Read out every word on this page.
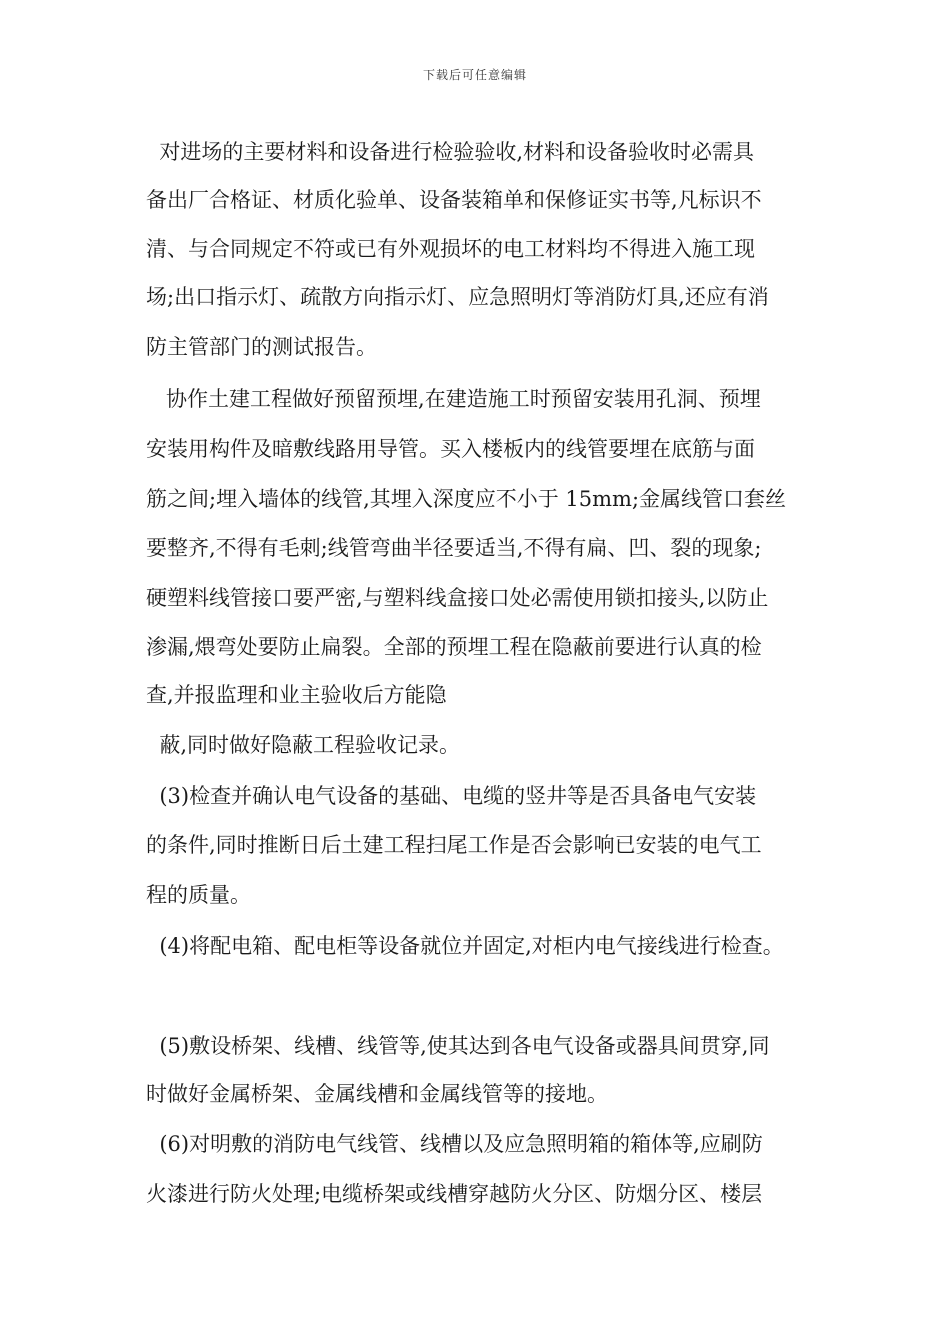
下载后可任意编辑
对进场的主要材料和设备进行检验验收,材料和设备验收时必需具
备出厂合格证、材质化验单、设备装箱单和保修证实书等,凡标识不
清、与合同规定不符或已有外观损坏的电工材料均不得进入施工现
场;出口指示灯、疏散方向指示灯、应急照明灯等消防灯具,还应有消
防主管部门的测试报告。
协作土建工程做好预留预埋,在建造施工时预留安装用孔洞、预埋
安装用构件及暗敷线路用导管。买入楼板内的线管要埋在底筋与面
筋之间;埋入墙体的线管,其埋入深度应不小于 15mm;金属线管口套丝
要整齐,不得有毛刺;线管弯曲半径要适当,不得有扁、凹、裂的现象;
硬塑料线管接口要严密,与塑料线盒接口处必需使用锁扣接头,以防止
渗漏,煨弯处要防止扁裂。全部的预埋工程在隐蔽前要进行认真的检
查,并报监理和业主验收后方能隐
蔽,同时做好隐蔽工程验收记录。
(3)检查并确认电气设备的基础、电缆的竖井等是否具备电气安装
的条件,同时推断日后土建工程扫尾工作是否会影响已安装的电气工
程的质量。
(4)将配电箱、配电柜等设备就位并固定,对柜内电气接线进行检查。
(5)敷设桥架、线槽、线管等,使其达到各电气设备或器具间贯穿,同
时做好金属桥架、金属线槽和金属线管等的接地。
(6)对明敷的消防电气线管、线槽以及应急照明箱的箱体等,应刷防
火漆进行防火处理;电缆桥架或线槽穿越防火分区、防烟分区、楼层
